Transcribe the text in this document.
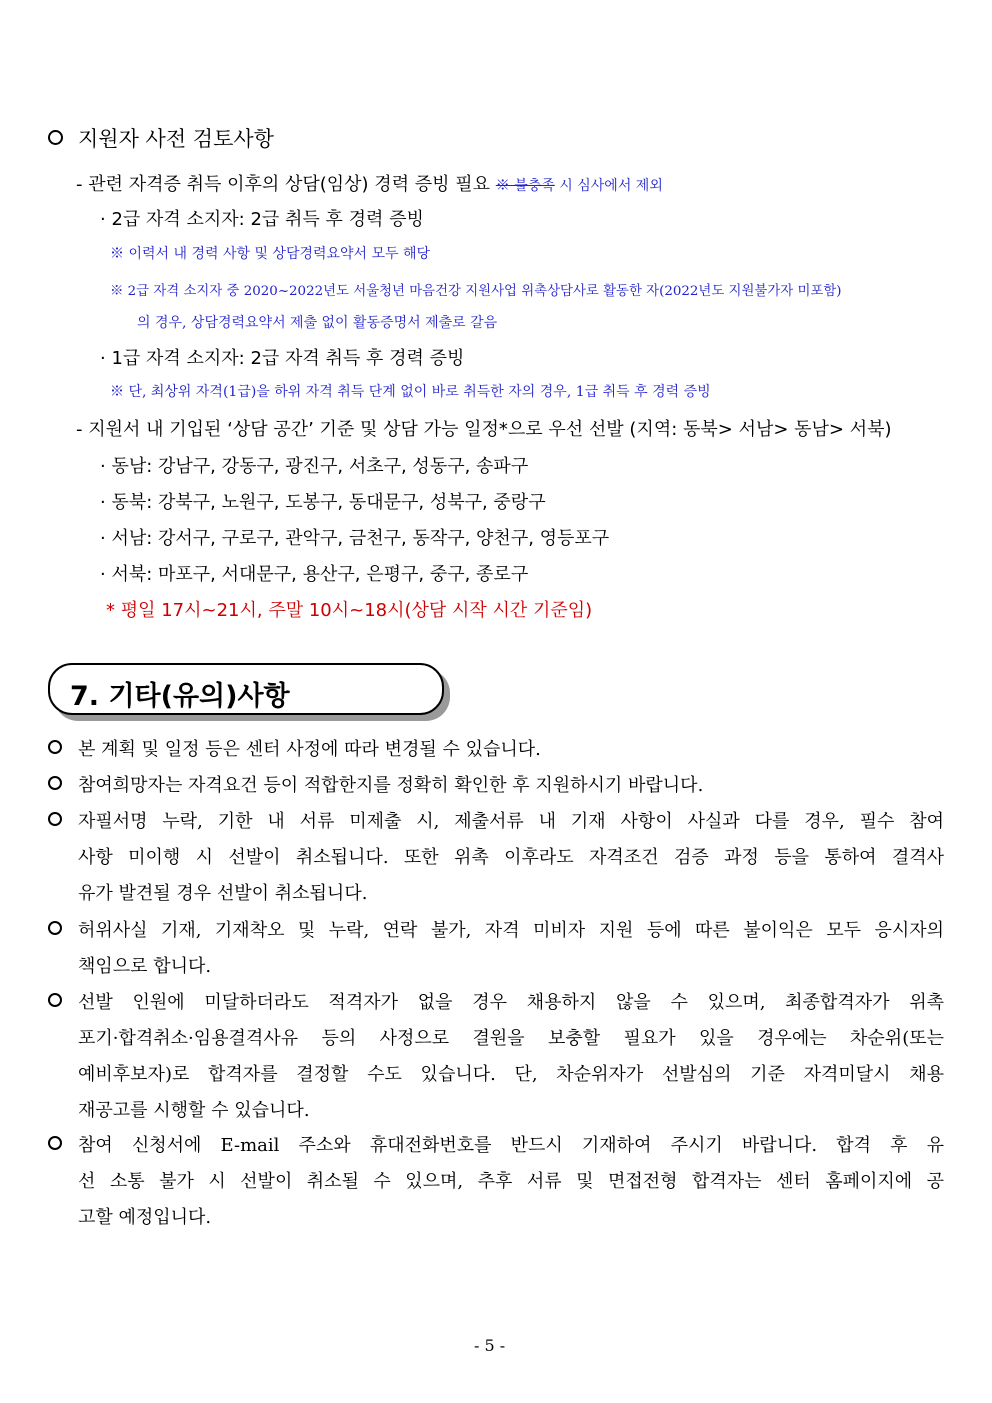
지원자 사전 검토사항
- 관련 자격증 취득 이후의 상담(임상) 경력 증빙 필요 ※ 불충족 시 심사에서 제외
· 2급 자격 소지자: 2급 취득 후 경력 증빙
※ 이력서 내 경력 사항 및 상담경력요약서 모두 해당
※ 2급 자격 소지자 중 2020~2022년도 서울청년 마음건강 지원사업 위촉상담사로 활동한 자(2022년도 지원불가자 미포함)
의 경우, 상담경력요약서 제출 없이 활동증명서 제출로 갈음
· 1급 자격 소지자: 2급 자격 취득 후 경력 증빙
※ 단, 최상위 자격(1급)을 하위 자격 취득 단계 없이 바로 취득한 자의 경우, 1급 취득 후 경력 증빙
- 지원서 내 기입된 ‘상담 공간’ 기준 및 상담 가능 일정*으로 우선 선발 (지역: 동북> 서남> 동남> 서북)
· 동남: 강남구, 강동구, 광진구, 서초구, 성동구, 송파구
· 동북: 강북구, 노원구, 도봉구, 동대문구, 성북구, 중랑구
· 서남: 강서구, 구로구, 관악구, 금천구, 동작구, 양천구, 영등포구
· 서북: 마포구, 서대문구, 용산구, 은평구, 중구, 종로구
* 평일 17시~21시, 주말 10시~18시(상담 시작 시간 기준임)
7. 기타(유의)사항
본 계획 및 일정 등은 센터 사정에 따라 변경될 수 있습니다.
참여희망자는 자격요건 등이 적합한지를 정확히 확인한 후 지원하시기 바랍니다.
자필서명 누락, 기한 내 서류 미제출 시, 제출서류 내 기재 사항이 사실과 다를 경우, 필수 참여
사항 미이행 시 선발이 취소됩니다. 또한 위촉 이후라도 자격조건 검증 과정 등을 통하여 결격사
유가 발견될 경우 선발이 취소됩니다.
허위사실 기재, 기재착오 및 누락, 연락 불가, 자격 미비자 지원 등에 따른 불이익은 모두 응시자의
책임으로 합니다.
선발 인원에 미달하더라도 적격자가 없을 경우 채용하지 않을 수 있으며, 최종합격자가 위촉
포기·합격취소·임용결격사유 등의 사정으로 결원을 보충할 필요가 있을 경우에는 차순위(또는
예비후보자)로 합격자를 결정할 수도 있습니다. 단, 차순위자가 선발심의 기준 자격미달시 채용
재공고를 시행할 수 있습니다.
참여 신청서에 E-mail 주소와 휴대전화번호를 반드시 기재하여 주시기 바랍니다. 합격 후 유
선 소통 불가 시 선발이 취소될 수 있으며, 추후 서류 및 면접전형 합격자는 센터 홈페이지에 공
고할 예정입니다.
- 5 -
